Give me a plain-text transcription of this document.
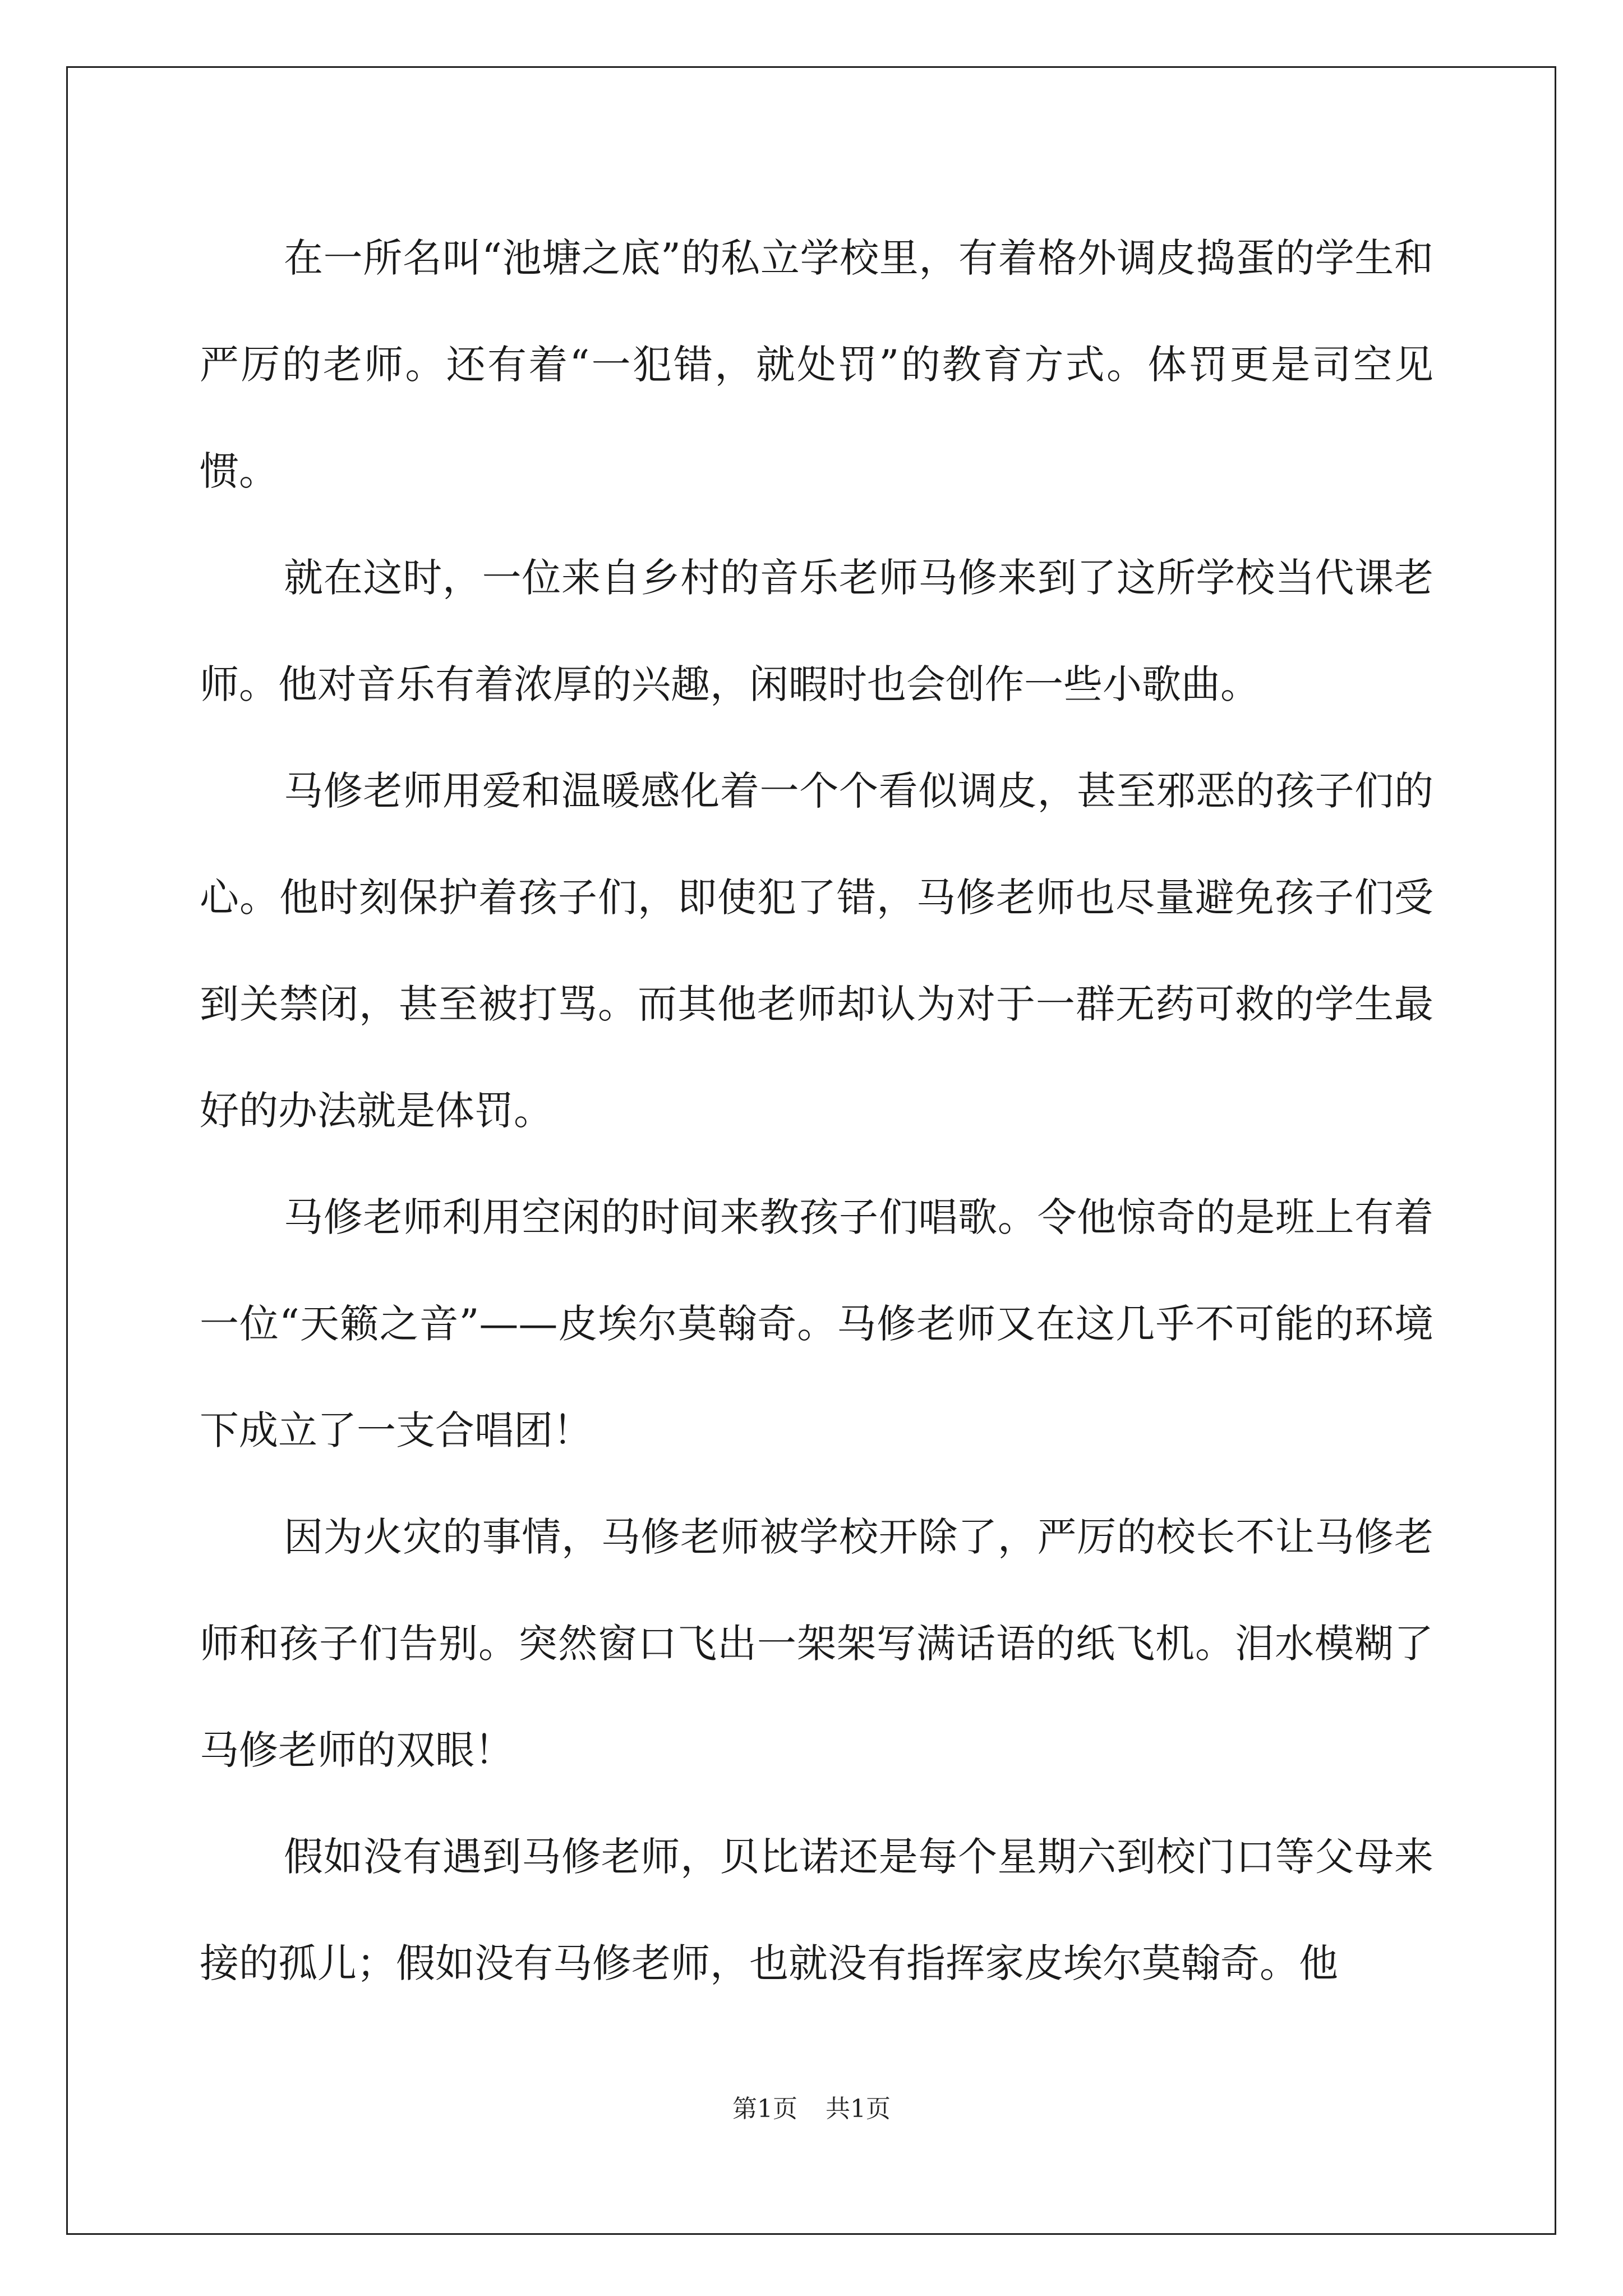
在一所名叫“池塘之底”的私立学校里，有着格外调皮捣蛋的学生和严厉的老师。还有着“一犯错，就处罚”的教育方式。体罚更是司空见惯。

就在这时，一位来自乡村的音乐老师马修来到了这所学校当代课老师。他对音乐有着浓厚的兴趣，闲暇时也会创作一些小歌曲。

马修老师用爱和温暖感化着一个个看似调皮，甚至邪恶的孩子们的心。他时刻保护着孩子们，即使犯了错，马修老师也尽量避免孩子们受到关禁闭，甚至被打骂。而其他老师却认为对于一群无药可救的学生最好的办法就是体罚。

马修老师利用空闲的时间来教孩子们唱歌。令他惊奇的是班上有着一位“天籁之音”——皮埃尔莫翰奇。马修老师又在这几乎不可能的环境下成立了一支合唱团！

因为火灾的事情，马修老师被学校开除了，严厉的校长不让马修老师和孩子们告别。突然窗口飞出一架架写满话语的纸飞机。泪水模糊了马修老师的双眼！

假如没有遇到马修老师，贝比诺还是每个星期六到校门口等父母来接的孤儿；假如没有马修老师，也就没有指挥家皮埃尔莫翰奇。他

第1页 共1页
